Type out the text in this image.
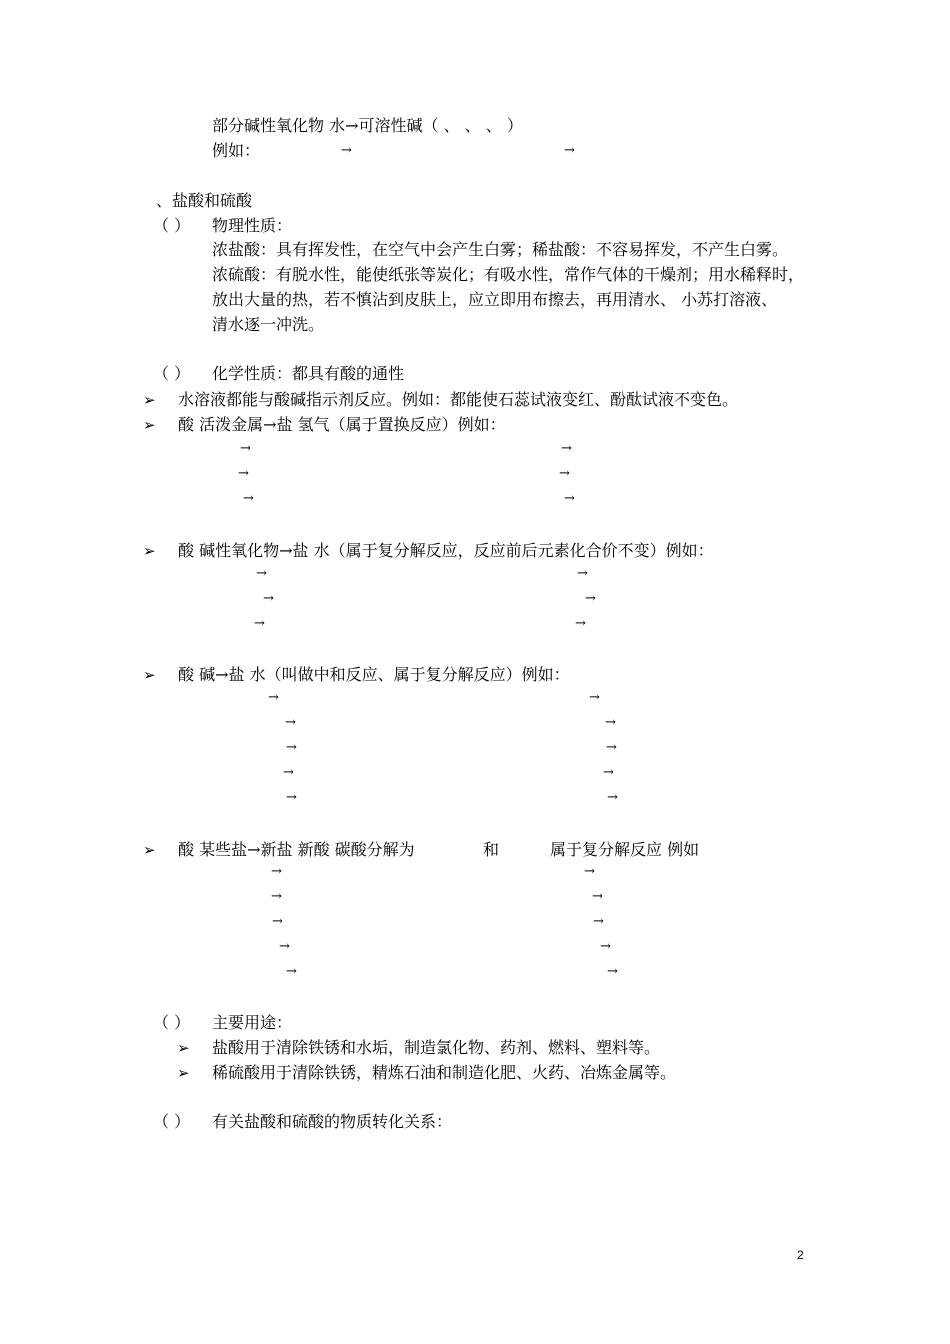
部分碱性氧化物 水→可溶性碱（ 、 、 、 ）
例如：	→	→
、盐酸和硫酸
（ ） 物理性质：
浓盐酸：具有挥发性，在空气中会产生白雾；稀盐酸：不容易挥发，不产生白雾。
浓硫酸：有脱水性，能使纸张等炭化；有吸水性，常作气体的干燥剂；用水稀释时，
放出大量的热，若不慎沾到皮肤上，应立即用布擦去，再用清水、 小苏打溶液、
清水逐一冲洗。
（ ） 化学性质：都具有酸的通性
➢ 水溶液都能与酸碱指示剂反应。例如：都能使石蕊试液变红、酚酞试液不变色。
➢ 酸 活泼金属→盐 氢气（属于置换反应）例如：
→	→
→	→
→	→
➢ 酸 碱性氧化物→盐 水（属于复分解反应，反应前后元素化合价不变）例如：
→	→
→	→
→	→
➢ 酸 碱→盐 水（叫做中和反应、属于复分解反应）例如：
→	→
→	→
→	→
→	→
→	→
➢ 酸 某些盐→新盐 新酸 碳酸分解为	和	属于复分解反应 例如
→	→
→	→
→	→
→	→
→	→
（ ） 主要用途：
➢ 盐酸用于清除铁锈和水垢，制造氯化物、药剂、燃料、塑料等。
➢ 稀硫酸用于清除铁锈，精炼石油和制造化肥、火药、冶炼金属等。
（ ） 有关盐酸和硫酸的物质转化关系：
2
